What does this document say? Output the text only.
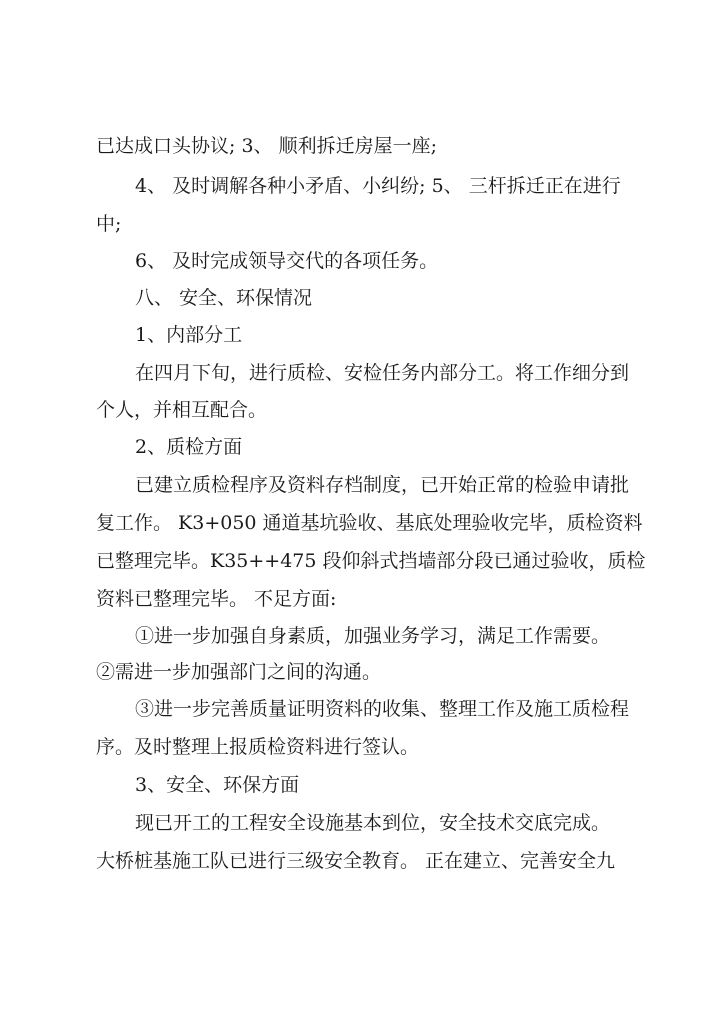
已达成口头协议; 3、 顺利拆迁房屋一座;
4、 及时调解各种小矛盾、小纠纷; 5、 三杆拆迁正在进行
中;
6、 及时完成领导交代的各项任务。
八、 安全、环保情况
1、内部分工
在四月下旬，进行质检、安检任务内部分工。将工作细分到
个人，并相互配合。
2、质检方面
已建立质检程序及资料存档制度，已开始正常的检验申请批
复工作。 K3+050 通道基坑验收、基底处理验收完毕，质检资料
已整理完毕。K35++475 段仰斜式挡墙部分段已通过验收，质检
资料已整理完毕。 不足方面:
①进一步加强自身素质，加强业务学习，满足工作需要。
②需进一步加强部门之间的沟通。
③进一步完善质量证明资料的收集、整理工作及施工质检程
序。及时整理上报质检资料进行签认。
3、安全、环保方面
现已开工的工程安全设施基本到位，安全技术交底完成。
大桥桩基施工队已进行三级安全教育。 正在建立、完善安全九
